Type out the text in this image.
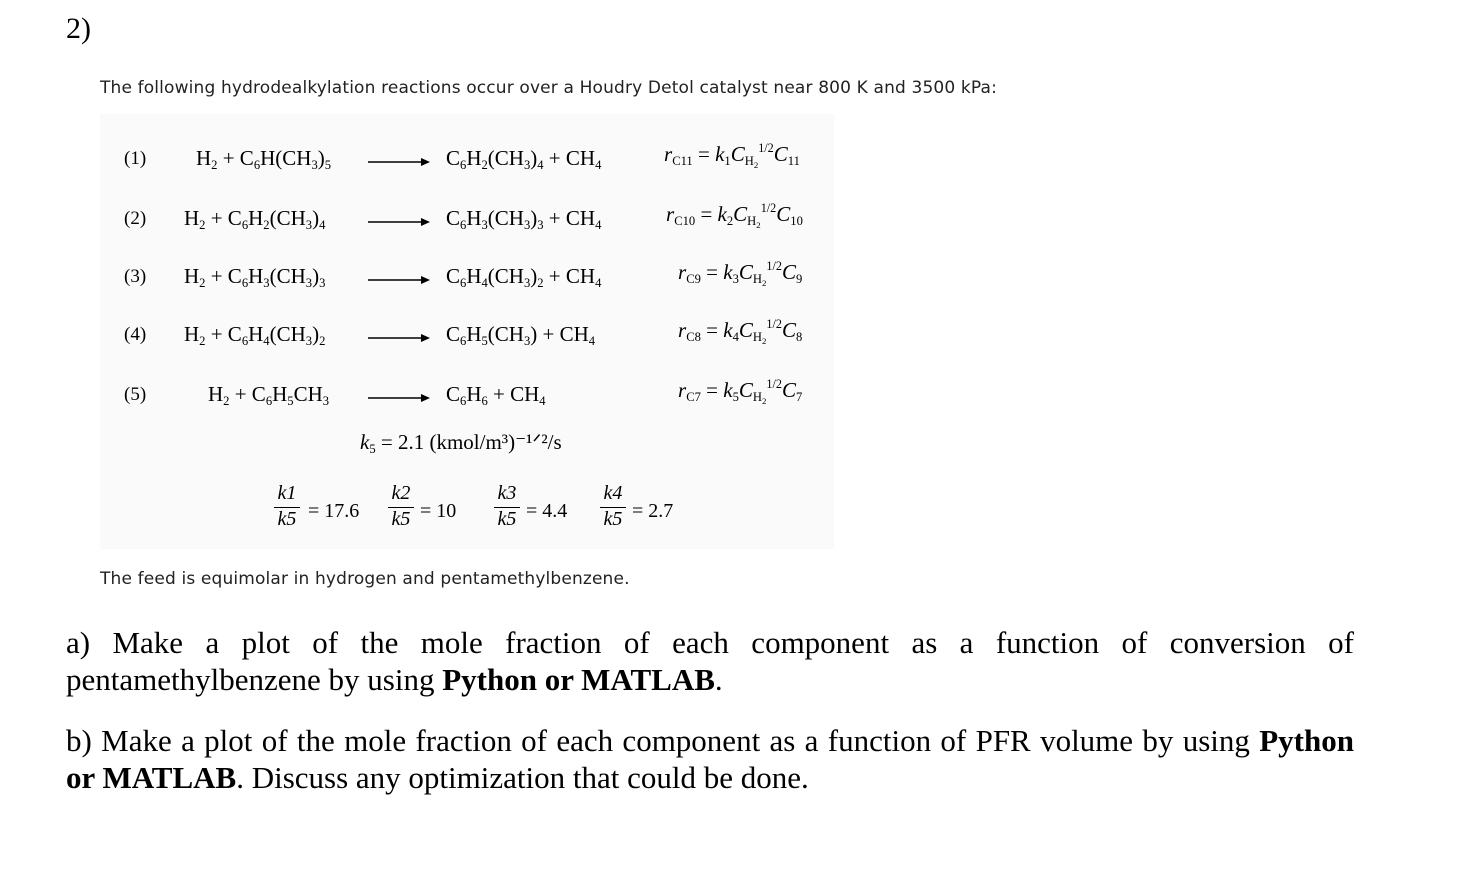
2)
The following hydrodealkylation reactions occur over a Houdry Detol catalyst near 800 K and 3500 kPa:
(1) $H_2 + C_6H(CH_3)_5 \to C_6H_2(CH_3)_4 + CH_4$	$r_{C11} = k_1C_{H2}^{1/2}C_{11}$
(2) $H_2 + C_6H_2(CH_3)_4 \to C_6H_3(CH_3)_3 + CH_4$	$r_{C10} = k_2C_{H2}^{1/2}C_{10}$
(3) $H_2 + C_6H_3(CH_3)_3 \to C_6H_4(CH_3)_2 + CH_4$	$r_{C9} = k_3C_{H2}^{1/2}C_9$
(4) $H_2 + C_6H_4(CH_3)_2 \to C_6H_5(CH_3) + CH_4$	$r_{C8} = k_4C_{H2}^{1/2}C_8$
(5)	$H_2 + C_6H_5CH_3 \to C_6H_6 + CH_4$	$r_{C7} = k_5C_{H2}^{1/2}C_7$
$k_5 = 2.1$ (kmol/m³)⁻¹ᐟ²/s
k1
k5 = 17.6
k2
k5 = 10
k3
k5 = 4.4
k4
k5 = 2.7
The feed is equimolar in hydrogen and pentamethylbenzene.
a) Make a plot of the mole fraction of each component as a function of conversion of pentamethylbenzene by using Python or MATLAB.
b) Make a plot of the mole fraction of each component as a function of PFR volume by using Python or MATLAB. Discuss any optimization that could be done.
